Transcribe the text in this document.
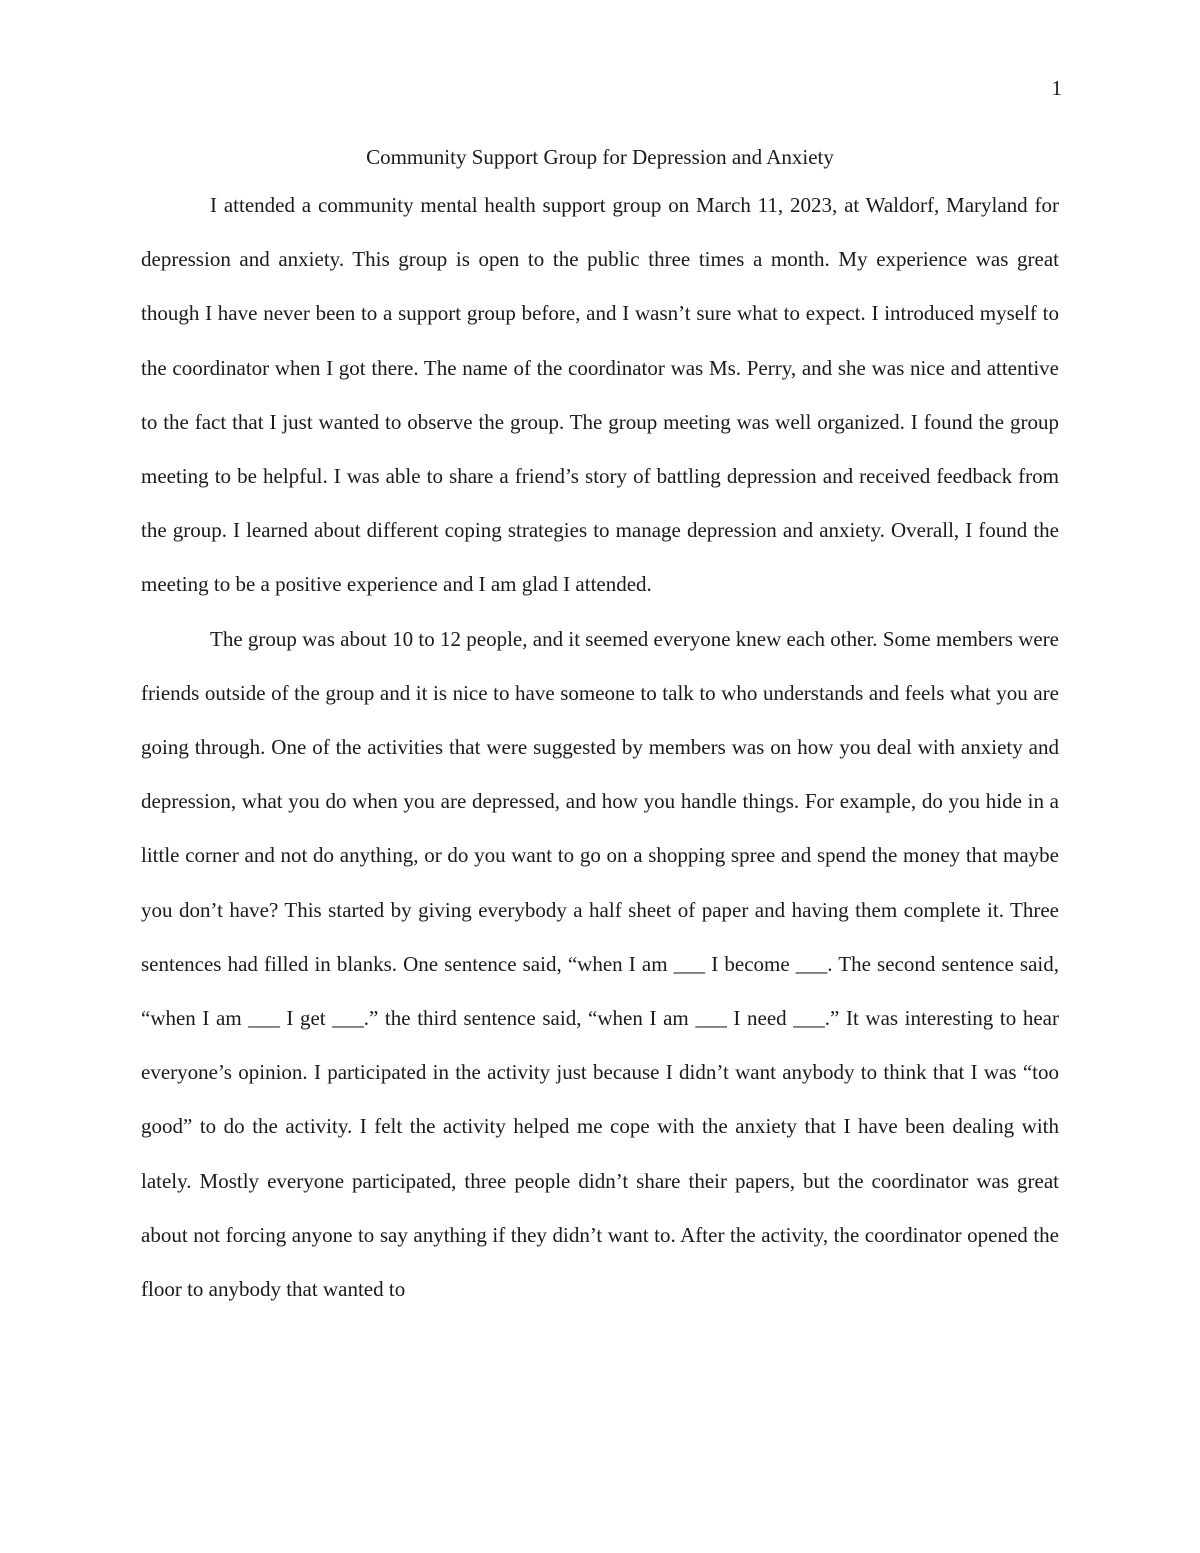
1
Community Support Group for Depression and Anxiety

I attended a community mental health support group on March 11, 2023, at Waldorf, Maryland for depression and anxiety. This group is open to the public three times a month. My experience was great though I have never been to a support group before, and I wasn’t sure what to expect. I introduced myself to the coordinator when I got there. The name of the coordinator was Ms. Perry, and she was nice and attentive to the fact that I just wanted to observe the group. The group meeting was well organized. I found the group meeting to be helpful. I was able to share a friend’s story of battling depression and received feedback from the group. I learned about different coping strategies to manage depression and anxiety. Overall, I found the meeting to be a positive experience and I am glad I attended.

The group was about 10 to 12 people, and it seemed everyone knew each other. Some members were friends outside of the group and it is nice to have someone to talk to who understands and feels what you are going through. One of the activities that were suggested by members was on how you deal with anxiety and depression, what you do when you are depressed, and how you handle things. For example, do you hide in a little corner and not do anything, or do you want to go on a shopping spree and spend the money that maybe you don’t have? This started by giving everybody a half sheet of paper and having them complete it. Three sentences had filled in blanks. One sentence said, “when I am ___ I become ___. The second sentence said, “when I am ___ I get ___.” the third sentence said, “when I am ___ I need ___.” It was interesting to hear everyone’s opinion. I participated in the activity just because I didn’t want anybody to think that I was “too good” to do the activity. I felt the activity helped me cope with the anxiety that I have been dealing with lately. Mostly everyone participated, three people didn’t share their papers, but the coordinator was great about not forcing anyone to say anything if they didn’t want to. After the activity, the coordinator opened the floor to anybody that wanted to
